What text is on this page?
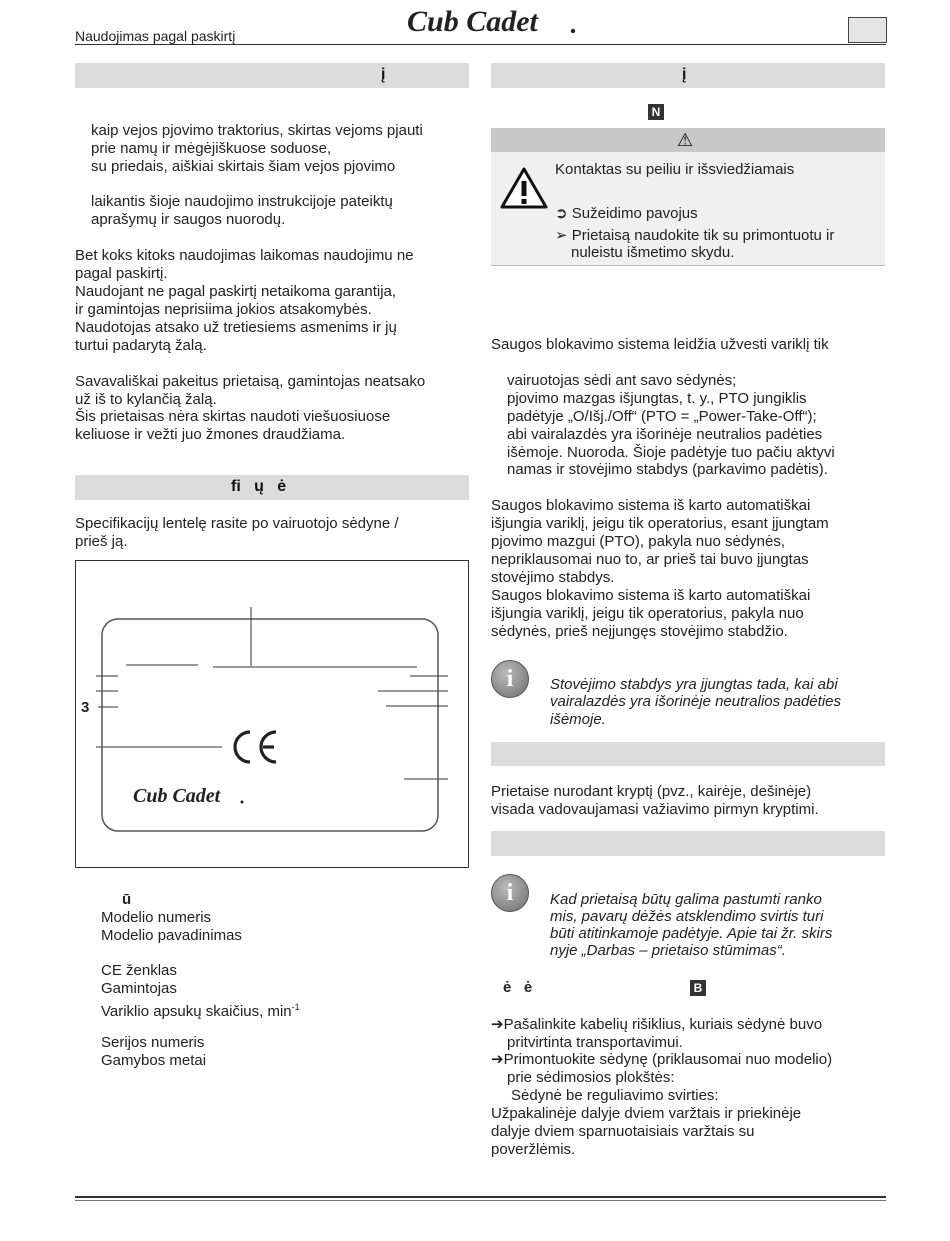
Naudojimas pagal paskirtį	Cub Cadet
į
kaip vejos pjovimo traktorius, skirtas vejoms pjauti
prie namų ir mėgėjiškuose soduose,
su priedais, aiškiai skirtais šiam vejos pjovimo
laikantis šioje naudojimo instrukcijoje pateiktų
aprašymų ir saugos nuorodų.
Bet koks kitoks naudojimas laikomas naudojimu ne
pagal paskirtį.
Naudojant ne pagal paskirtį netaikoma garantija,
ir gamintojas neprisiima jokios atsakomybės.
Naudotojas atsako už tretiesiems asmenims ir jų
turtui padarytą žalą.
Savavališkai pakeitus prietaisą, gamintojas neatsako
už iš to kylančią žalą.
Šis prietaisas nėra skirtas naudoti viešuosiuose
keliuose ir vežti juo žmones draudžiama.
fi   ų   ė
Specifikacijų lentelę rasite po vairuotojo sėdyne /
prieš ją.
3
Cub Cadet
ū
Modelio numeris
Modelio pavadinimas
CE ženklas
Gamintojas
Variklio apsukų skaičius, $\min^{-1}$
Serijos numeris
Gamybos metai
į
N
⚠
Kontaktas su peiliu ir išsviedžiamais
➲ Sužeidimo pavojus
➢ Prietaisą naudokite tik su primontuotu ir
nuleistu išmetimo skydu.
Saugos blokavimo sistema leidžia užvesti variklį tik
vairuotojas sėdi ant savo sėdynės;
pjovimo mazgas išjungtas, t. y., PTO jungiklis
padėtyje „O/Išj./Off“ (PTO = „Power-Take-Off“);
abi vairalazdės yra išorinėje neutralios padėties
išėmoje. Nuoroda. Šioje padėtyje tuo pačiu aktyvi
namas ir stovėjimo stabdys (parkavimo padėtis).
Saugos blokavimo sistema iš karto automatiškai
išjungia variklį, jeigu tik operatorius, esant įjungtam
pjovimo mazgui (PTO), pakyla nuo sėdynės,
nepriklausomai nuo to, ar prieš tai buvo įjungtas
stovėjimo stabdys.
Saugos blokavimo sistema iš karto automatiškai
išjungia variklį, jeigu tik operatorius, pakyla nuo
sėdynės, prieš neįjungęs stovėjimo stabdžio.
i	Stovėjimo stabdys yra įjungtas tada, kai abi
vairalazdės yra išorinėje neutralios padėties
išėmoje.
Prietaise nurodant kryptį (pvz., kairėje, dešinėje)
visada vadovaujamasi važiavimo pirmyn kryptimi.
i	Kad prietaisą būtų galima pastumti ranko
mis, pavarų dėžės atsklendimo svirtis turi
būti atitinkamoje padėtyje. Apie tai žr. skirs
nyje „Darbas – prietaiso stūmimas“.
ė   ė	B
➔Pašalinkite kabelių rišiklius, kuriais sėdynė buvo
pritvirtinta transportavimui.
➔Primontuokite sėdynę (priklausomai nuo modelio)
prie sėdimosios plokštės:
Sėdynė be reguliavimo svirties:
Užpakalinėje dalyje dviem varžtais ir priekinėje
dalyje dviem sparnuotaisiais varžtais su
poveržlėmis.
